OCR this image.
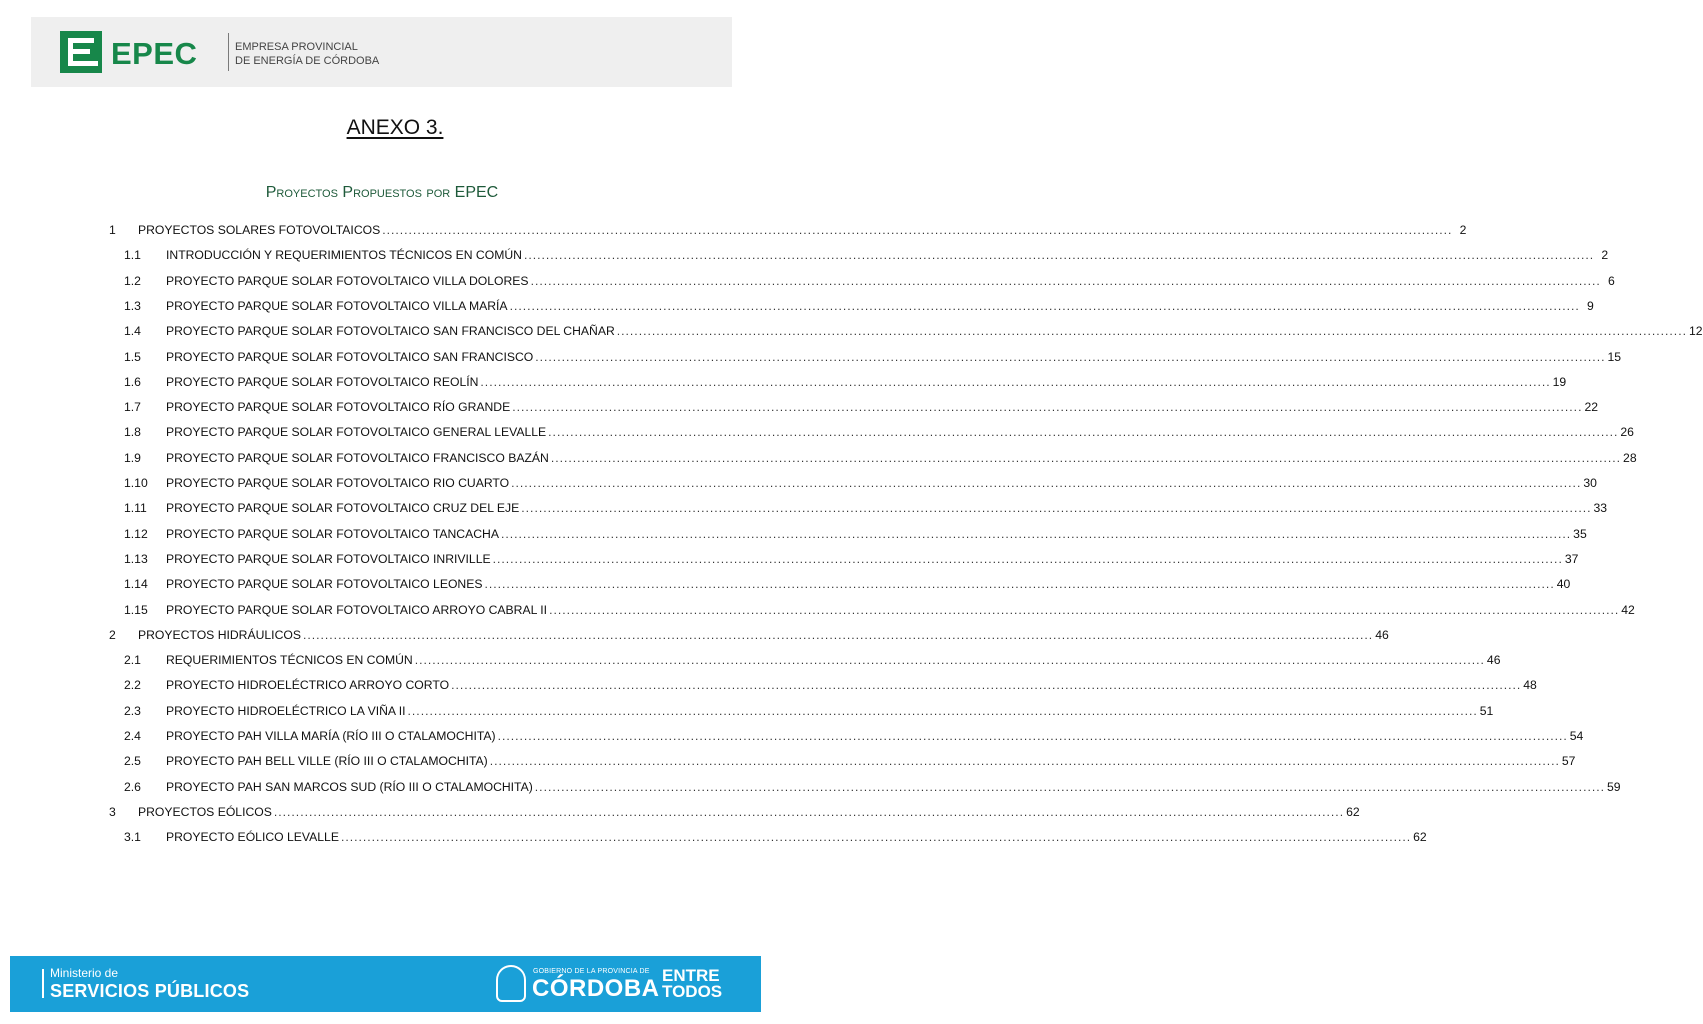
EPEC	EMPRESA PROVINCIAL
DE ENERGÍA DE CÓRDOBA
ANEXO 3.
Proyectos Propuestos por EPEC
1	PROYECTOS SOLARES FOTOVOLTAICOS .....	2
1.1	INTRODUCCIÓN Y REQUERIMIENTOS TÉCNICOS EN COMÚN .....	2
1.2	PROYECTO PARQUE SOLAR FOTOVOLTAICO VILLA DOLORES .....	6
1.3	PROYECTO PARQUE SOLAR FOTOVOLTAICO VILLA MARÍA .....	9
1.4	PROYECTO PARQUE SOLAR FOTOVOLTAICO SAN FRANCISCO DEL CHAÑAR .....	12
1.5	PROYECTO PARQUE SOLAR FOTOVOLTAICO SAN FRANCISCO .....	15
1.6	PROYECTO PARQUE SOLAR FOTOVOLTAICO REOLÍN .....	19
1.7	PROYECTO PARQUE SOLAR FOTOVOLTAICO RÍO GRANDE .....	22
1.8	PROYECTO PARQUE SOLAR FOTOVOLTAICO GENERAL LEVALLE .....	26
1.9	PROYECTO PARQUE SOLAR FOTOVOLTAICO FRANCISCO BAZÁN .....	28
1.10	PROYECTO PARQUE SOLAR FOTOVOLTAICO RIO CUARTO .....	30
1.11	PROYECTO PARQUE SOLAR FOTOVOLTAICO CRUZ DEL EJE .....	33
1.12	PROYECTO PARQUE SOLAR FOTOVOLTAICO TANCACHA .....	35
1.13	PROYECTO PARQUE SOLAR FOTOVOLTAICO INRIVILLE .....	37
1.14	PROYECTO PARQUE SOLAR FOTOVOLTAICO LEONES .....	40
1.15	PROYECTO PARQUE SOLAR FOTOVOLTAICO ARROYO CABRAL II .....	42
2	PROYECTOS HIDRÁULICOS .....	46
2.1	REQUERIMIENTOS TÉCNICOS EN COMÚN .....	46
2.2	PROYECTO HIDROELÉCTRICO ARROYO CORTO .....	48
2.3	PROYECTO HIDROELÉCTRICO LA VIÑA II .....	51
2.4	PROYECTO PAH VILLA MARÍA (RÍO III O CTALAMOCHITA) .....	54
2.5	PROYECTO PAH BELL VILLE (RÍO III O CTALAMOCHITA) .....	57
2.6	PROYECTO PAH SAN MARCOS SUD (RÍO III O CTALAMOCHITA) .....	59
3	PROYECTOS EÓLICOS .....	62
3.1	PROYECTO EÓLICO LEVALLE .....	62
Ministerio de
SERVICIOS PÚBLICOS
GOBIERNO DE LA PROVINCIA DE
CÓRDOBA ENTRE
TODOS
